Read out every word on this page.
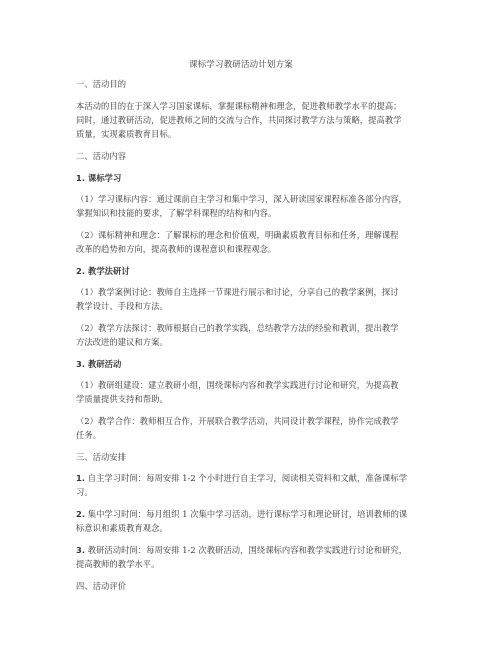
课标学习教研活动计划方案
一、活动目的
本活动的目的在于深入学习国家课标，掌握课标精神和理念，促进教师教学水平的提高；
同时，通过教研活动，促进教师之间的交流与合作，共同探讨教学方法与策略，提高教学
质量，实现素质教育目标。
二、活动内容
1. 课标学习
（1）学习课标内容：通过课前自主学习和集中学习，深入研读国家课程标准各部分内容，
掌握知识和技能的要求，了解学科课程的结构和内容。
（2）课标精神和理念：了解课标的理念和价值观，明确素质教育目标和任务，理解课程
改革的趋势和方向，提高教师的课程意识和课程观念。
2. 教学法研讨
（1）教学案例讨论：教师自主选择一节课进行展示和讨论，分享自己的教学案例，探讨
教学设计、手段和方法。
（2）教学方法探讨：教师根据自己的教学实践，总结教学方法的经验和教训，提出教学
方法改进的建议和方案。
3. 教研活动
（1）教研组建设：建立教研小组，围绕课标内容和教学实践进行讨论和研究，为提高教
学质量提供支持和帮助。
（2）教学合作：教师相互合作，开展联合教学活动，共同设计教学课程，协作完成教学
任务。
三、活动安排
1. 自主学习时间：每周安排 1-2 个小时进行自主学习，阅读相关资料和文献，准备课标学
习。
2. 集中学习时间：每月组织 1 次集中学习活动，进行课标学习和理论研讨，培训教师的课
标意识和素质教育观念。
3. 教研活动时间：每周安排 1-2 次教研活动，围绕课标内容和教学实践进行讨论和研究，
提高教师的教学水平。
四、活动评价
